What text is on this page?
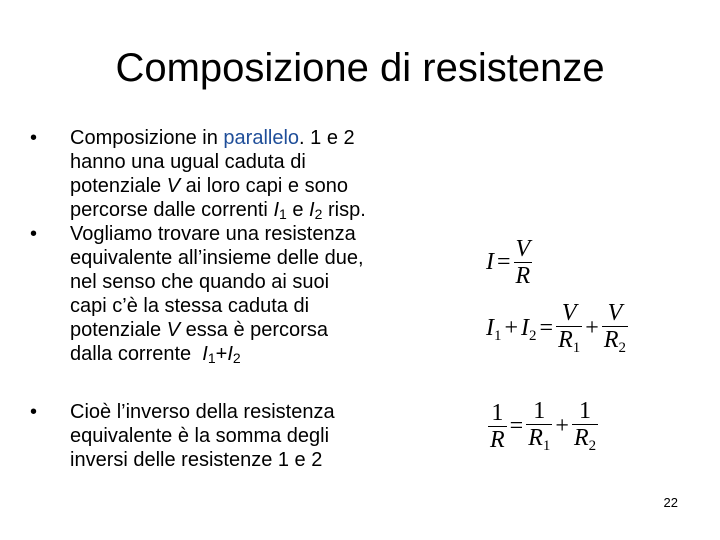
Composizione di resistenze
• Composizione in parallelo. 1 e 2
hanno una ugual caduta di
potenziale V ai loro capi e sono
percorse dalle correnti $I_1$ e $I_2$ risp.
• Vogliamo trovare una resistenza
equivalente all’insieme delle due,
nel senso che quando ai suoi
capi c’è la stessa caduta di
potenziale V essa è percorsa
dalla corrente  $I_1+I_2$
• Cioè l’inverso della resistenza
equivalente è la somma degli
inversi delle resistenze 1 e 2
$I = \frac{V}{R}$
$I_1 + I_2 = \frac{V}{R_1} + \frac{V}{R_2}$
$\frac{1}{R} = \frac{1}{R_1} + \frac{1}{R_2}$
22
